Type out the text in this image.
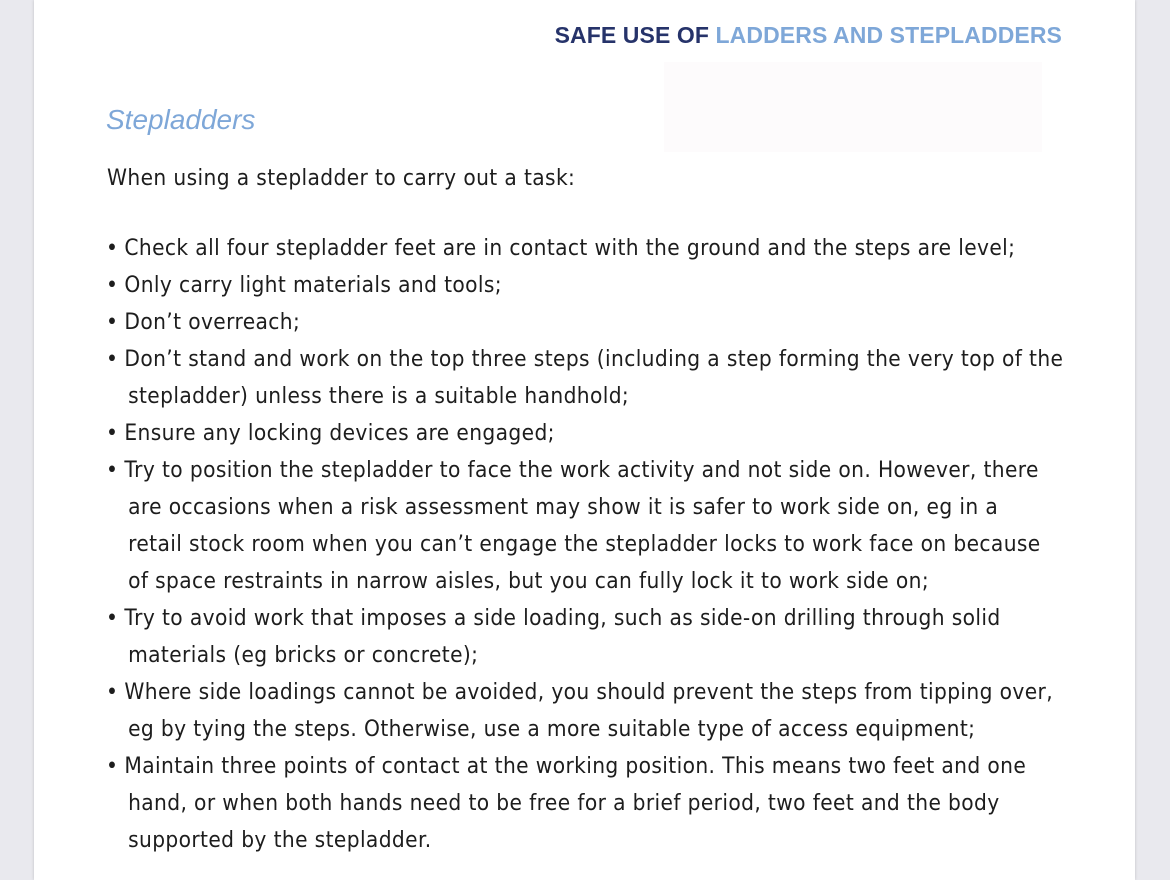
SAFE USE OF LADDERS AND STEPLADDERS
Stepladders
When using a stepladder to carry out a task:
• Check all four stepladder feet are in contact with the ground and the steps are level;
• Only carry light materials and tools;
• Don’t overreach;
• Don’t stand and work on the top three steps (including a step forming the very top of the
stepladder) unless there is a suitable handhold;
• Ensure any locking devices are engaged;
• Try to position the stepladder to face the work activity and not side on. However, there
are occasions when a risk assessment may show it is safer to work side on, eg in a
retail stock room when you can’t engage the stepladder locks to work face on because
of space restraints in narrow aisles, but you can fully lock it to work side on;
• Try to avoid work that imposes a side loading, such as side-on drilling through solid
materials (eg bricks or concrete);
• Where side loadings cannot be avoided, you should prevent the steps from tipping over,
eg by tying the steps. Otherwise, use a more suitable type of access equipment;
• Maintain three points of contact at the working position. This means two feet and one
hand, or when both hands need to be free for a brief period, two feet and the body
supported by the stepladder.
